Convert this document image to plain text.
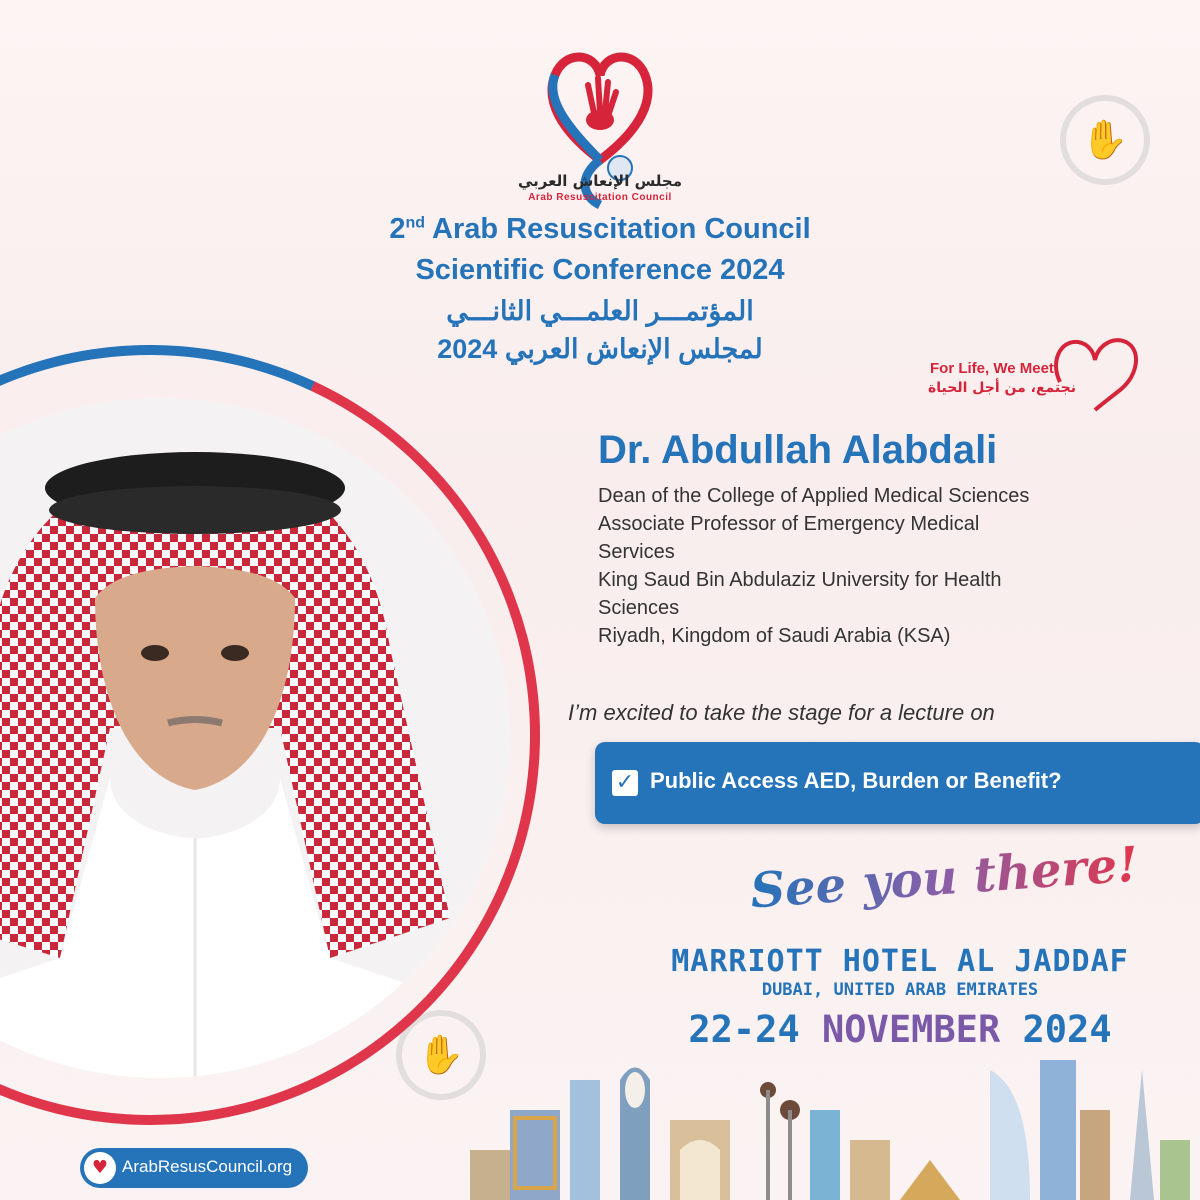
مجلس الإنعاش العربي
Arab Resuscitation Council
2nd Arab Resuscitation Council
Scientific Conference 2024
المؤتمـــر العلمـــي الثانـــي
لمجلس الإنعاش العربي 2024
✋
✋
For Life, We Meet
نجتمع، من أجل الحياة
Dr. Abdullah Alabdali
Dean of the College of Applied Medical Sciences
Associate Professor of Emergency Medical
Services
King Saud Bin Abdulaziz University for Health
Sciences
Riyadh, Kingdom of Saudi Arabia (KSA)
I’m excited to take the stage for a lecture on
✓ Public Access AED, Burden or Benefit?
See you there!
MARRIOTT HOTEL AL JADDAF
DUBAI, UNITED ARAB EMIRATES
22-24 NOVEMBER 2024
♥ ArabResusCouncil.org
